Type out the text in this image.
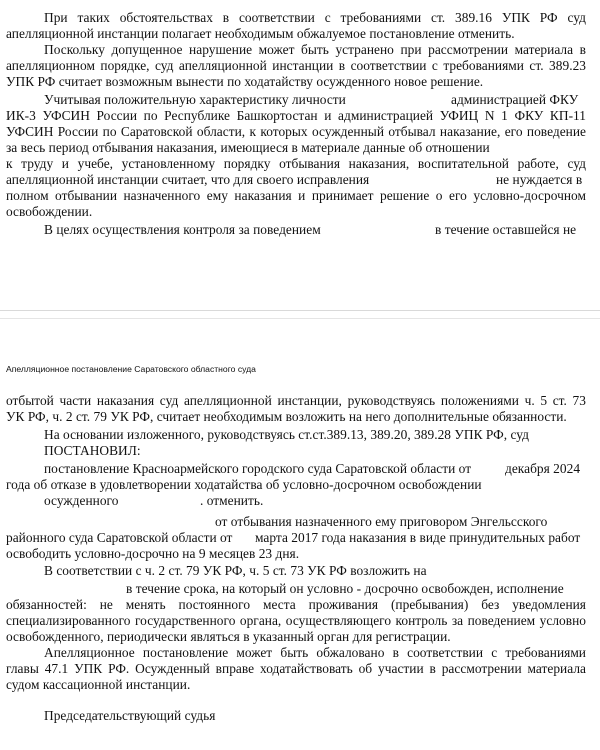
При таких обстоятельствах в соответствии с требованиями ст. 389.16 УПК РФ суд
апелляционной инстанции полагает необходимым обжалуемое постановление отменить.
Поскольку допущенное нарушение может быть устранено при рассмотрении материала в
апелляционном порядке, суд апелляционной инстанции в соответствии с требованиями ст. 389.23
УПК РФ считает возможным вынести по ходатайству осужденного новое решение.
Учитывая положительную характеристику личности	администрацией ФКУ
ИК-3 УФСИН России по Республике Башкортостан и администрацией УФИЦ N 1 ФКУ КП-11
УФСИН России по Саратовской области, к которых осужденный отбывал наказание, его поведение
за весь период отбывания наказания, имеющиеся в материале данные об отношении
к труду и учебе, установленному порядку отбывания наказания, воспитательной работе, суд
апелляционной инстанции считает, что для своего исправления	не нуждается в
полном отбывании назначенного ему наказания и принимает решение о его условно-досрочном
освобождении.
В целях осуществления контроля за поведением	в течение оставшейся не
Апелляционное постановление Саратовского областного суда
отбытой части наказания суд апелляционной инстанции, руководствуясь положениями ч. 5 ст. 73
УК РФ, ч. 2 ст. 79 УК РФ, считает необходимым возложить на него дополнительные обязанности.
На основании изложенного, руководствуясь ст.ст.389.13, 389.20, 389.28 УПК РФ, суд
ПОСТАНОВИЛ:
постановление Красноармейского городского суда Саратовской области от	декабря 2024
года об отказе в удовлетворении ходатайства об условно-досрочном освобождении
осужденного	. отменить.
от отбывания назначенного ему приговором Энгельсского
районного суда Саратовской области от марта 2017 года наказания в виде принудительных работ
освободить условно-досрочно на 9 месяцев 23 дня.
В соответствии с ч. 2 ст. 79 УК РФ, ч. 5 ст. 73 УК РФ возложить на
в течение срока, на который он условно - досрочно освобожден, исполнение
обязанностей: не менять постоянного места проживания (пребывания) без уведомления
специализированного государственного органа, осуществляющего контроль за поведением условно
освобожденного, периодически являться в указанный орган для регистрации.
Апелляционное постановление может быть обжаловано в соответствии с требованиями
главы 47.1 УПК РФ. Осужденный вправе ходатайствовать об участии в рассмотрении материала
судом кассационной инстанции.
Председательствующий судья
